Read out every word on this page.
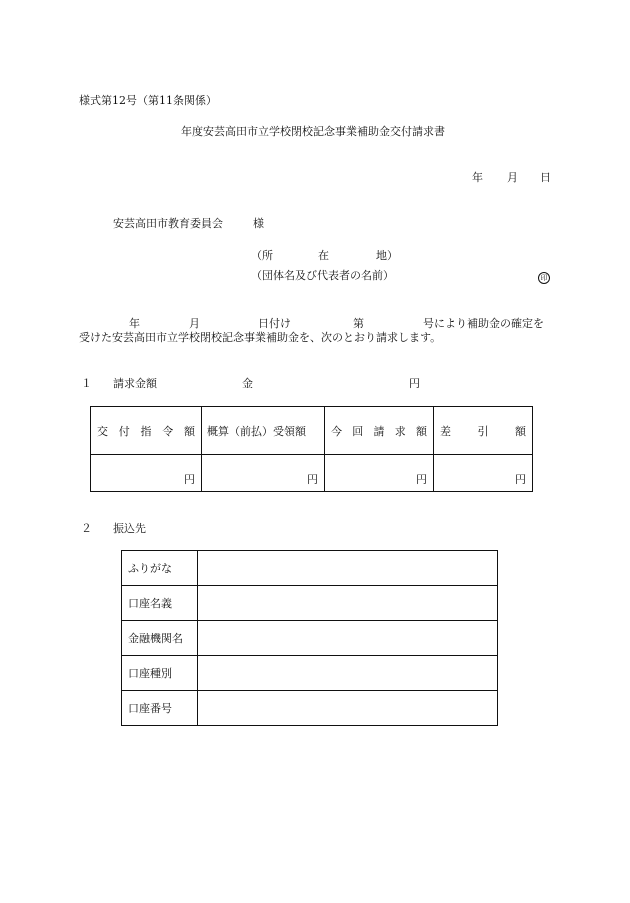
様式第12号（第11条関係）
年度安芸高田市立学校閉校記念事業補助金交付請求書
年 月 日
安芸高田市教育委員会	様
（所	在	地）
（団体名及び代表者の名前）	印
年	月	日付け	第	号により補助金の確定を
受けた安芸高田市立学校閉校記念事業補助金を、次のとおり請求します。
１ 請求金額	金	円
交 付 指 令 額	概算（前払）受領額	今 回 請 求 額	差 引 額

円	円	円	円
２ 振込先
ふりがな	
口座名義	
金融機関名	
口座種別	
口座番号	
